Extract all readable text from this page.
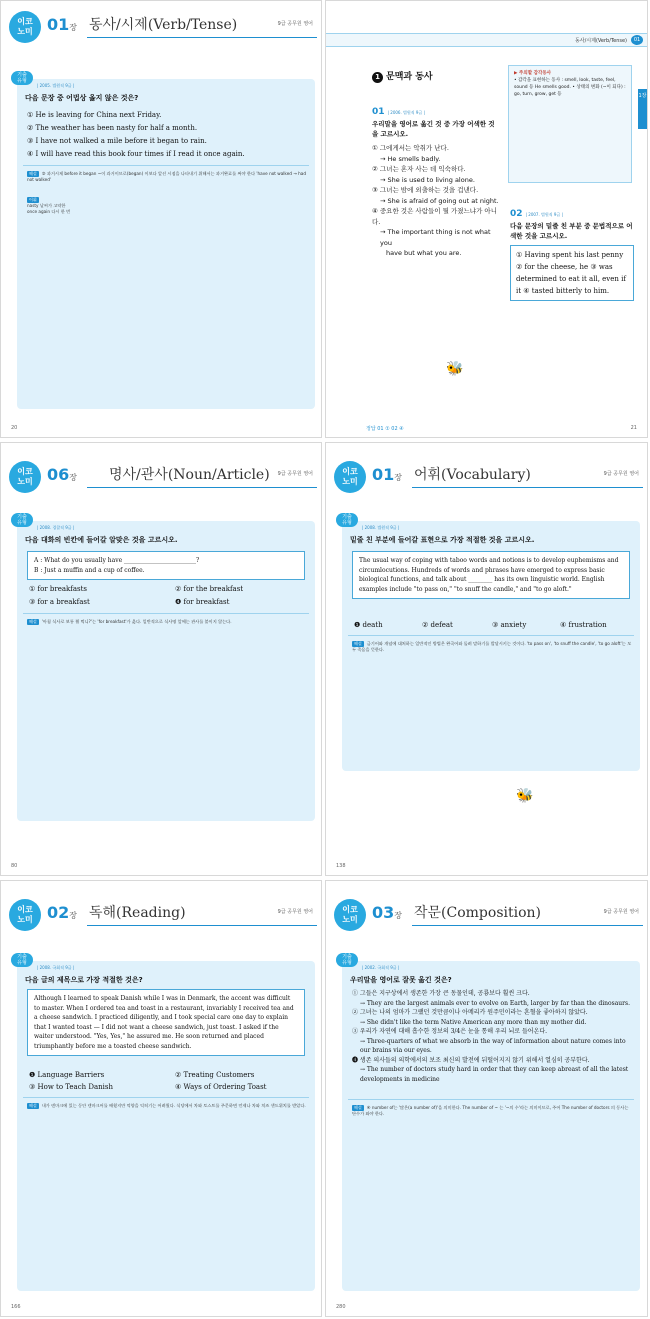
이코
노미 01장 동사/시제(Verb/Tense)	9급 공무원 영어
기출
유형
| 2005. 법원직 9급 |
다음 문장 중 어법상 옳지 않은 것은?
① He is leaving for China next Friday.
② The weather has been nasty for half a month.
③ I have not walked a mile before it began to rain.
④ I will have read this book four times if I read it once again.
해설 ③ 과거시제 before it began ~이 과거이므로(began) 이보다 앞선 시점을 나타내기 위해서는 과거완료를 써야 한다 'have not walked → had not walked'
어휘
nasty 날씨가 고약한
once again 다시 한 번
20
동사/시제(Verb/Tense)	01
1장
1 문맥과 동사
01 | 2006. 법원직 9급 |
우리말을 영어로 옮긴 것 중 가장 어색한 것을 고르시오.
① 그에게서는 악취가 난다.
→ He smells badly.
② 그녀는 혼자 사는 데 익숙하다.
→ She is used to living alone.
③ 그녀는 밤에 외출하는 것을 겁낸다.
→ She is afraid of going out at night.
④ 중요한 것은 사람들이 뭘 가졌느냐가 아니다.
→ The important thing is not what you
have but what you are.
▶ 주의할 감각동사
• 감각을 표현하는 동사 : smell, look, taste, feel, sound 등 He smells good. • 상태의 변화 (~이 되다) : go, turn, grow, get 등
02 | 2007. 법원직 9급 |
다음 문장의 밑줄 친 부분 중 문법적으로 어색한 것을 고르시오.
① Having spent his last penny ② for the cheese, he ③ was determined to eat it all, even if it ④ tasted bitterly to him.
🐝
정답 01 ① 02 ④	21
이코
노미 06장 명사/관사(Noun/Article) 9급 공무원 영어
기출
유형
| 2008. 경찰직 9급 |
다음 대화의 빈칸에 들어갈 알맞은 것을 고르시오.
A : What do you usually have ________________________?
B : Just a muffin and a cup of coffee.
① for breakfasts	② for the breakfast
③ for a breakfast	❹ for breakfast
해설 '아침 식사로 보통 뭘 먹니?'는 'for breakfast'가 옳다. 일반적으로 식사명 앞에는 관사를 붙이지 않는다.
80
이코
노미 01장 어휘(Vocabulary)	9급 공무원 영어
기출
유형
| 2008. 법원직 9급 |
밑줄 친 부분에 들어갈 표현으로 가장 적절한 것을 고르시오.
The usual way of coping with taboo words and notions is to develop euphemisms and circumlocutions. Hundreds of words and phrases have emerged to express basic biological functions, and talk about ________ has its own linguistic world. English examples include "to pass on," "to snuff the candle," and "to go aloft."
❶ death	② defeat	③ anxiety	④ frustration
해설 금기어와 개념에 대처하는 일반적인 방법은 완곡어와 돌려 말하기를 발달시키는 것이다. 'to pass on', 'to snuff the candle', 'to go aloft'는 모두 죽음을 뜻한다.
🐝
138
이코
노미 02장 독해(Reading)	9급 공무원 영어
기출
유형
| 2008. 국회직 9급 |
다음 글의 제목으로 가장 적절한 것은?
Although I learned to speak Danish while I was in Denmark, the accent was difficult to master. When I ordered tea and toast in a restaurant, invariably I received tea and a cheese sandwich. I practiced diligently, and I took special care one day to explain that I wanted toast — I did not want a cheese sandwich, just toast. I asked if the waiter understood. "Yes, Yes," he assured me. He soon returned and placed triumphantly before me a toasted cheese sandwich.
❶ Language Barriers	② Treating Customers
③ How to Teach Danish	④ Ways of Ordering Toast
해설 내가 덴마크에 있는 동안 덴마크어를 배웠지만 억양을 익히기는 어려웠다. 식당에서 차와 토스트를 주문하면 언제나 차와 치즈 샌드위치를 받았다.
166
이코
노미 03장 작문(Composition)	9급 공무원 영어
기출
유형
| 2002. 국회직 9급 |
우리말을 영어로 잘못 옮긴 것은?
① 그들은 지구상에서 생존한 가장 큰 동물인데, 공룡보다 훨씬 크다.
→ They are the largest animals ever to evolve on Earth, larger by far than the dinosaurs.
② 그녀는 나의 엄마가 그랬던 것만큼이나 아메리카 원주민이라는 혼혈을 좋아하지 않았다.
→ She didn't like the term Native American any more than my mother did.
③ 우리가 자연에 대해 흡수한 정보의 3/4은 눈을 통해 우리 뇌로 들어온다.
→ Three-quarters of what we absorb in the way of information about nature comes into our brains via our eyes.
❹ 생존 의사들의 의학에서의 보조 최신의 발전에 뒤떨어지지 않기 위해서 열심히 공부한다.
→ The number of doctors study hard in order that they can keep abreast of all the latest developments in medicine
해설 ④ number of는 '많은(a number of)'을 의미한다. The number of ~ 는 '~의 수'라는 의미이므로, 주어 The number of doctors 의 동사는 단수가 와야 한다.
280
